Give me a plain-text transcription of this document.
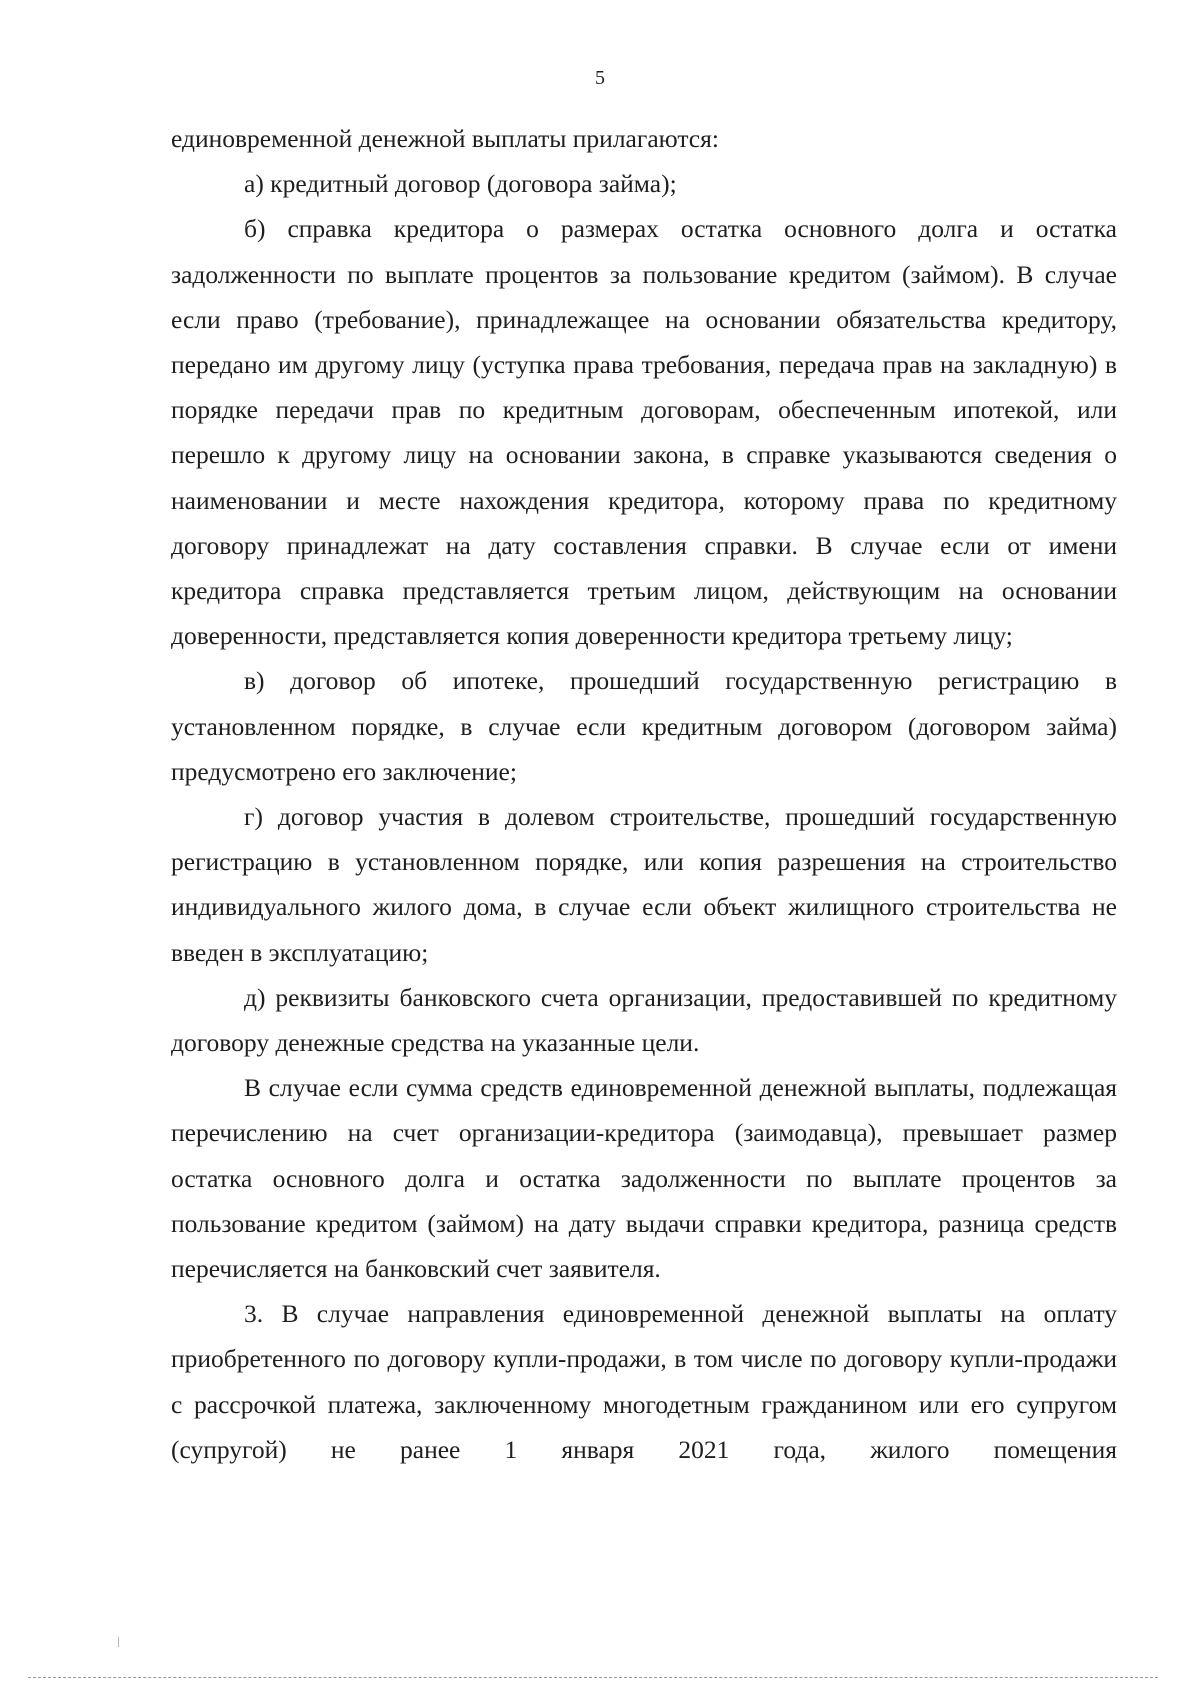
5

единовременной денежной выплаты прилагаются:

а) кредитный договор (договора займа);

б) справка кредитора о размерах остатка основного долга и остатка задолженности по выплате процентов за пользование кредитом (займом). В случае если право (требование), принадлежащее на основании обязательства кредитору, передано им другому лицу (уступка права требования, передача прав на закладную) в порядке передачи прав по кредитным договорам, обеспеченным ипотекой, или перешло к другому лицу на основании закона, в справке указываются сведения о наименовании и месте нахождения кредитора, которому права по кредитному договору принадлежат на дату составления справки. В случае если от имени кредитора справка представляется третьим лицом, действующим на основании доверенности, представляется копия доверенности кредитора третьему лицу;

в) договор об ипотеке, прошедший государственную регистрацию в установленном порядке, в случае если кредитным договором (договором займа) предусмотрено его заключение;

г) договор участия в долевом строительстве, прошедший государственную регистрацию в установленном порядке, или копия разрешения на строительство индивидуального жилого дома, в случае если объект жилищного строительства не введен в эксплуатацию;

д) реквизиты банковского счета организации, предоставившей по кредитному договору денежные средства на указанные цели.

В случае если сумма средств единовременной денежной выплаты, подлежащая перечислению на счет организации-кредитора (заимодавца), превышает размер остатка основного долга и остатка задолженности по выплате процентов за пользование кредитом (займом) на дату выдачи справки кредитора, разница средств перечисляется на банковский счет заявителя.

3. В случае направления единовременной денежной выплаты на оплату приобретенного по договору купли-продажи, в том числе по договору купли-продажи с рассрочкой платежа, заключенному многодетным гражданином или его супругом (супругой) не ранее 1 января 2021 года, жилого помещения
